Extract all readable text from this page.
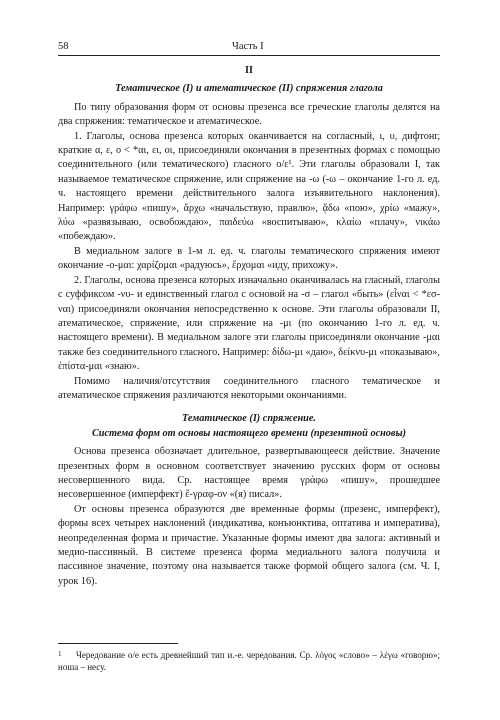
58	Часть I
II
Тематическое (I) и атематическое (II) спряжения глагола

По типу образования форм от основы презенса все греческие глаголы делятся на два спряжения: тематическое и атематическое.

1. Глаголы, основа презенса которых оканчивается на согласный, ι, υ, дифтонг, краткие α, ε, ο < *αι, ει, οι, присоединяли окончания в презентных формах с помощью соединительного (или тематического) гласного ο/ε¹. Эти глаголы образовали I, так называемое тематическое спряжение, или спряжение на -ω (-ω – окончание 1-го л. ед. ч. настоящего времени действительного залога изъявительного наклонения). Например: γράφω «пишу», ἄρχω «начальствую, правлю», ᾄδω «пою», χρίω «мажу», λύω «развязываю, освобождаю», παιδεύω «воспитываю», κλαίω «плачу», νικάω «побеждаю».

В медиальном залоге в 1-м л. ед. ч. глаголы тематического спряжения имеют окончание -ο-μαι: χαρίζομαι «радуюсь», ἔρχομαι «иду, прихожу».

2. Глаголы, основа презенса которых изначально оканчивалась на гласный, глаголы с суффиксом -νυ- и единственный глагол с основой на -σ – глагол «быть» (εἶναι < *εσ-ναι) присоединяли окончания непосредственно к основе. Эти глаголы образовали II, атематическое, спряжение, или спряжение на -μι (по окончанию 1-го л. ед. ч. настоящего времени). В медиальном залоге эти глаголы присоединяли окончание -μαι также без соединительного гласного. Например: δίδω-μι «даю», δείκνυ-μι «показываю», ἐπίστα-μαι «знаю».

Помимо наличия/отсутствия соединительного гласного тематическое и атематическое спряжения различаются некоторыми окончаниями.

Тематическое (I) спряжение.
Система форм от основы настоящего времени (презентной основы)

Основа презенса обозначает длительное, развертывающееся действие. Значение презентных форм в основном соответствует значению русских форм от основы несовершенного вида. Ср. настоящее время γράφω «пишу», прошедшее несовершенное (имперфект) ἔ-γραφ-ον «(я) писал».

От основы презенса образуются две временные формы (презенс, имперфект), формы всех четырех наклонений (индикатива, конъюнктива, оптатива и императива), неопределенная форма и причастие. Указанные формы имеют два залога: активный и медио-пассивный. В системе презенса форма медиального залога получила и пассивное значение, поэтому она называется также формой общего залога (см. Ч. I, урок 16).

1 Чередование о/е есть древнейший тип и.-е. чередования. Ср. λόγος «слово» – λέγω «говорю»; ноша – несу.
